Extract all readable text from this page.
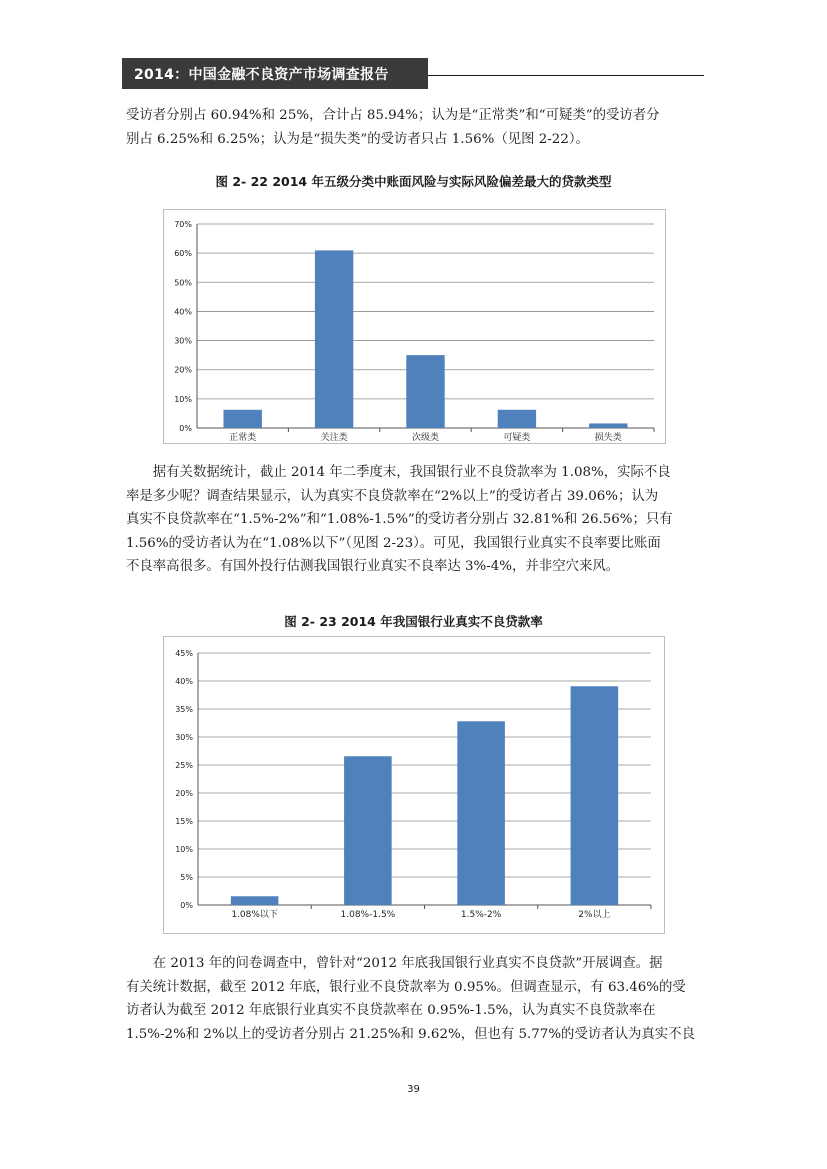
2014：中国金融不良资产市场调查报告
受访者分别占 60.94%和 25%，合计占 85.94%；认为是“正常类”和“可疑类”的受访者分
别占 6.25%和 6.25%；认为是“损失类”的受访者只占 1.56%（见图 2-22）。

图 2- 22 2014 年五级分类中账面风险与实际风险偏差最大的贷款类型

0%
10%
20%
30%
40%
50%
60%
70%
正常类	关注类	次级类	可疑类	损失类
　　据有关数据统计，截止 2014 年二季度末，我国银行业不良贷款率为 1.08%，实际不良
率是多少呢？调查结果显示，认为真实不良贷款率在“2%以上”的受访者占 39.06%；认为
真实不良贷款率在“1.5%-2%”和“1.08%-1.5%”的受访者分别占 32.81%和 26.56%；只有
1.56%的受访者认为在“1.08%以下”（见图 2-23）。可见，我国银行业真实不良率要比账面
不良率高很多。有国外投行估测我国银行业真实不良率达 3%-4%，并非空穴来风。

图 2- 23 2014 年我国银行业真实不良贷款率

0%
5%
10%
15%
20%
25%
30%
35%
40%
45%
1.08%以下	1.08%-1.5%	1.5%-2%	2%以上
　　在 2013 年的问卷调查中，曾针对“2012 年底我国银行业真实不良贷款”开展调查。据
有关统计数据，截至 2012 年底，银行业不良贷款率为 0.95%。但调查显示，有 63.46%的受
访者认为截至 2012 年底银行业真实不良贷款率在 0.95%-1.5%，认为真实不良贷款率在
1.5%-2%和 2%以上的受访者分别占 21.25%和 9.62%，但也有 5.77%的受访者认为真实不良
39
